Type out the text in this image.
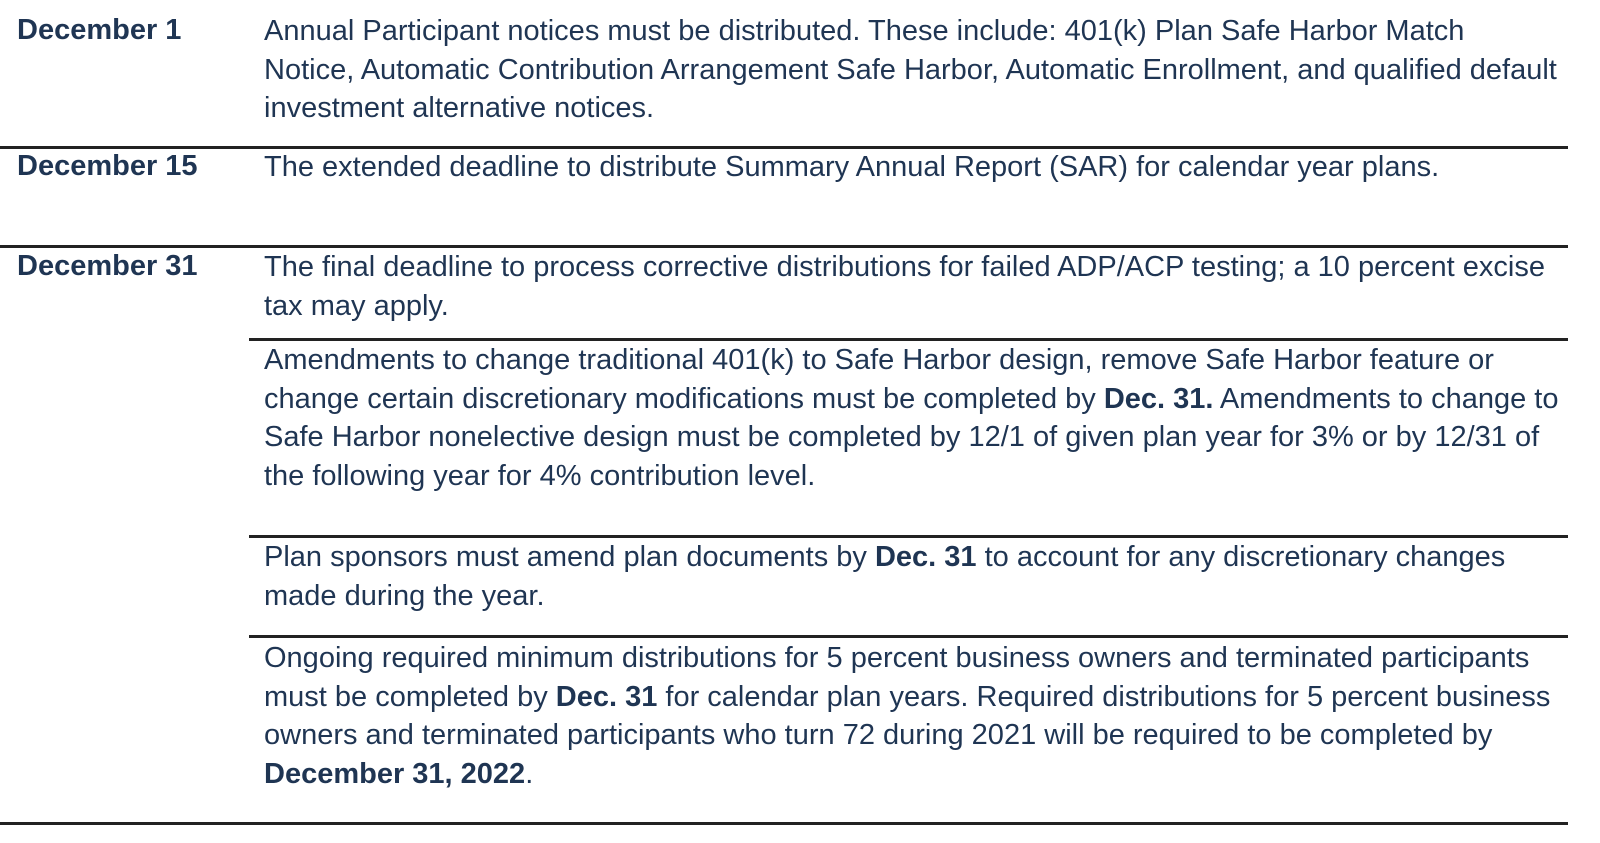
December 1	Annual Participant notices must be distributed. These include: 401(k) Plan Safe Harbor Match Notice, Automatic Contribution Arrangement Safe Harbor, Automatic Enrollment, and qualified default investment alternative notices.
December 15 The extended deadline to distribute Summary Annual Report (SAR) for calendar year plans.
December 31 The final deadline to process corrective distributions for failed ADP/ACP testing; a 10 percent excise tax may apply.
Amendments to change traditional 401(k) to Safe Harbor design, remove Safe Harbor feature or change certain discretionary modifications must be completed by Dec. 31. Amendments to change to Safe Harbor nonelective design must be completed by 12/1 of given plan year for 3% or by 12/31 of the following year for 4% contribution level.
Plan sponsors must amend plan documents by Dec. 31 to account for any discretionary changes made during the year.
Ongoing required minimum distributions for 5 percent business owners and terminated participants must be completed by Dec. 31 for calendar plan years. Required distributions for 5 percent business owners and terminated participants who turn 72 during 2021 will be required to be completed by December 31, 2022.
